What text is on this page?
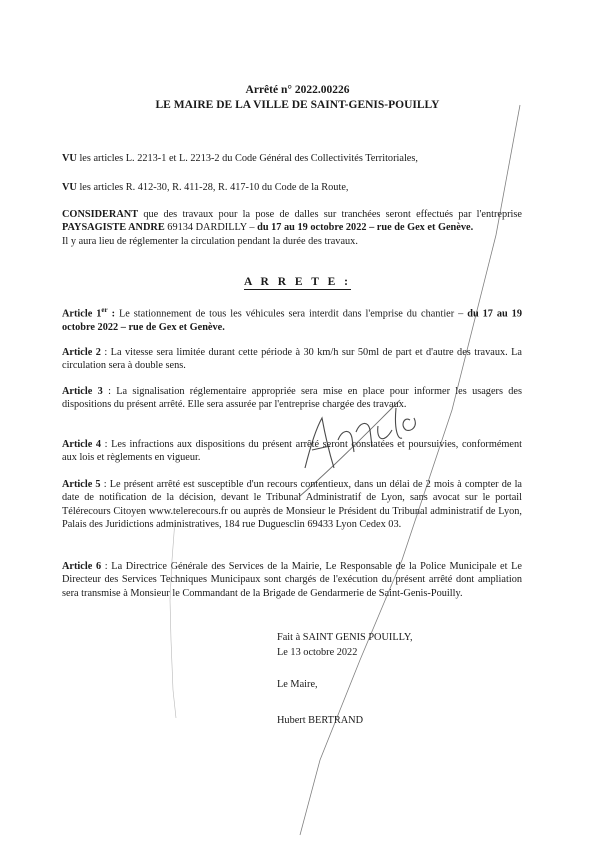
Arrêté n° 2022.00226
LE MAIRE DE LA VILLE DE SAINT-GENIS-POUILLY

VU les articles L. 2213-1 et L. 2213-2 du Code Général des Collectivités Territoriales,

VU les articles R. 412-30, R. 411-28, R. 417-10 du Code de la Route,

CONSIDERANT que des travaux pour la pose de dalles sur tranchées seront effectués par l'entreprise PAYSAGISTE ANDRE 69134 DARDILLY – du 17 au 19 octobre 2022 – rue de Gex et Genève.

Il y aura lieu de réglementer la circulation pendant la durée des travaux.

A R R E T E :

Article 1er : Le stationnement de tous les véhicules sera interdit dans l'emprise du chantier – du 17 au 19 octobre 2022 – rue de Gex et Genève.

Article 2 : La vitesse sera limitée durant cette période à 30 km/h sur 50ml de part et d'autre des travaux. La circulation sera à double sens.

Article 3 : La signalisation réglementaire appropriée sera mise en place pour informer les usagers des dispositions du présent arrêté. Elle sera assurée par l'entreprise chargée des travaux.

Article 4 : Les infractions aux dispositions du présent arrêté seront constatées et poursuivies, conformément aux lois et règlements en vigueur.

Article 5 : Le présent arrêté est susceptible d'un recours contentieux, dans un délai de 2 mois à compter de la date de notification de la décision, devant le Tribunal Administratif de Lyon, sans avocat sur le portail Télérecours Citoyen www.telerecours.fr ou auprès de Monsieur le Président du Tribunal administratif de Lyon, Palais des Juridictions administratives, 184 rue Duguesclin 69433 Lyon Cedex 03.

Article 6 : La Directrice Générale des Services de la Mairie, Le Responsable de la Police Municipale et Le Directeur des Services Techniques Municipaux sont chargés de l'exécution du présent arrêté dont ampliation sera transmise à Monsieur le Commandant de la Brigade de Gendarmerie de Saint-Genis-Pouilly.

Fait à SAINT GENIS POUILLY,
Le 13 octobre 2022
Le Maire,
Hubert BERTRAND
